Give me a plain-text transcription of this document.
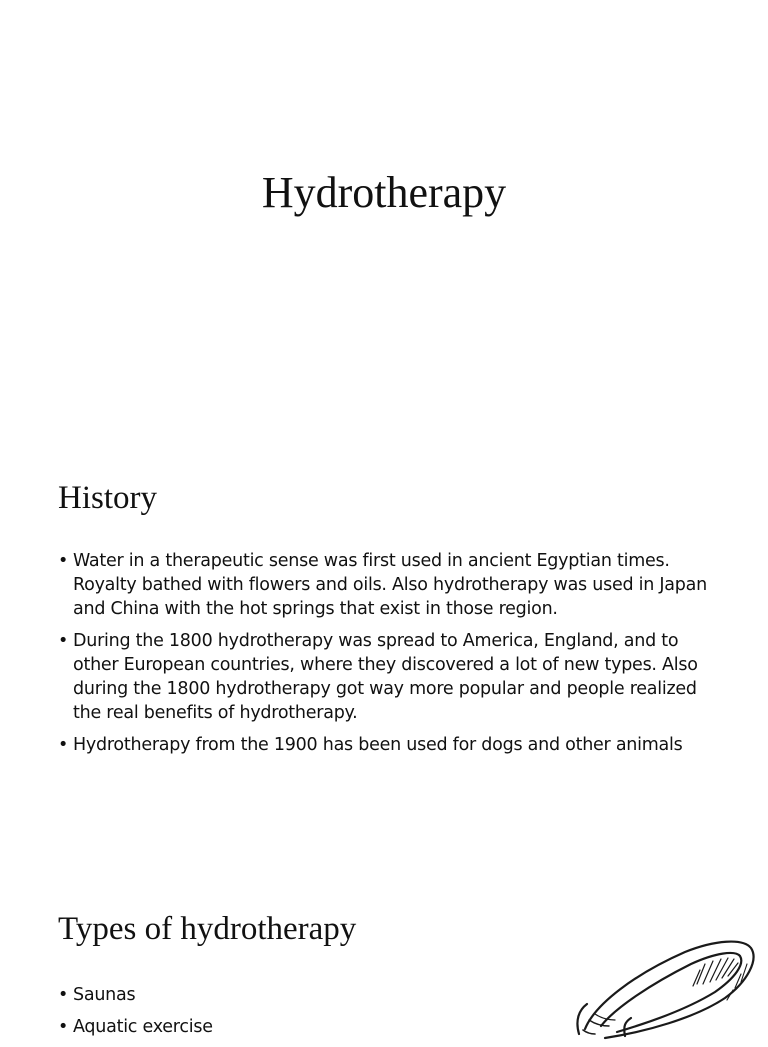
Hydrotherapy
History
• Water in a therapeutic sense was first used in ancient Egyptian times. Royalty bathed with flowers and oils. Also hydrotherapy was used in Japan and China with the hot springs that exist in those region.
• During the 1800 hydrotherapy was spread to America, England, and to other European countries, where they discovered a lot of new types. Also during the 1800 hydrotherapy got way more popular and people realized the real benefits of hydrotherapy.
• Hydrotherapy from the 1900 has been used for dogs and other animals
Types of hydrotherapy
• Saunas
• Aquatic exercise
